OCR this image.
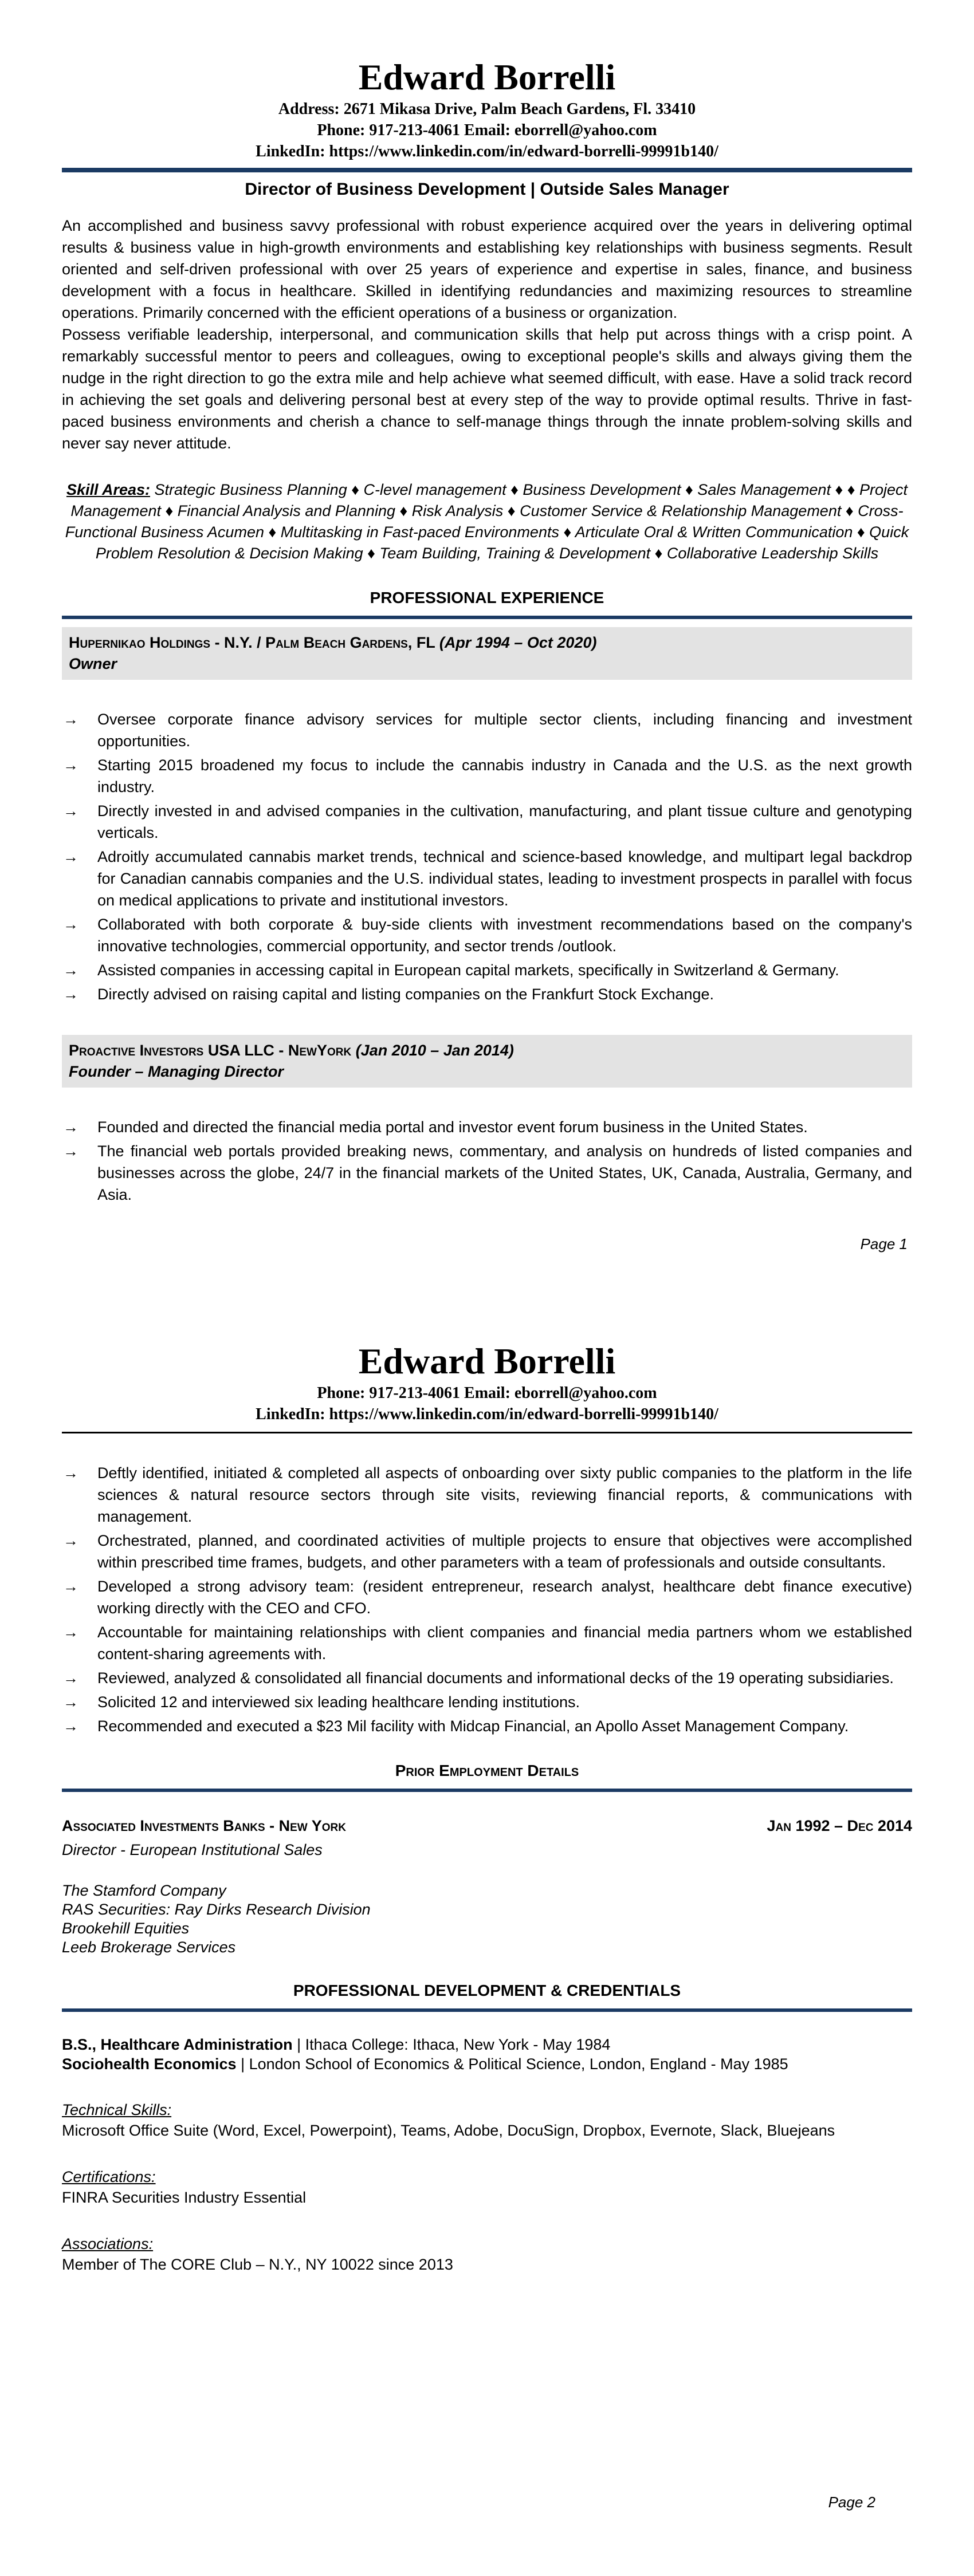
Edward Borrelli
Address: 2671 Mikasa Drive, Palm Beach Gardens, Fl. 33410
Phone: 917-213-4061 Email: eborrell@yahoo.com
LinkedIn: https://www.linkedin.com/in/edward-borrelli-99991b140/
Director of Business Development | Outside Sales Manager

An accomplished and business savvy professional with robust experience acquired over the years in delivering optimal results & business value in high-growth environments and establishing key relationships with business segments. Result oriented and self-driven professional with over 25 years of experience and expertise in sales, finance, and business development with a focus in healthcare. Skilled in identifying redundancies and maximizing resources to streamline operations. Primarily concerned with the efficient operations of a business or organization.

Possess verifiable leadership, interpersonal, and communication skills that help put across things with a crisp point. A remarkably successful mentor to peers and colleagues, owing to exceptional people's skills and always giving them the nudge in the right direction to go the extra mile and help achieve what seemed difficult, with ease. Have a solid track record in achieving the set goals and delivering personal best at every step of the way to provide optimal results. Thrive in fast-paced business environments and cherish a chance to self-manage things through the innate problem-solving skills and never say never attitude.

Skill Areas: Strategic Business Planning ♦ C-level management ♦ Business Development ♦ Sales Management ♦ ♦ Project Management ♦ Financial Analysis and Planning ♦ Risk Analysis ♦ Customer Service & Relationship Management ♦ Cross-Functional Business Acumen ♦ Multitasking in Fast-paced Environments ♦ Articulate Oral & Written Communication ♦ Quick Problem Resolution & Decision Making ♦ Team Building, Training & Development ♦ Collaborative Leadership Skills
PROFESSIONAL EXPERIENCE
Hupernikao Holdings - N.Y. / Palm Beach Gardens, FL (Apr 1994 – Oct 2020)
Owner
→ Oversee corporate finance advisory services for multiple sector clients, including financing and investment opportunities.
→ Starting 2015 broadened my focus to include the cannabis industry in Canada and the U.S. as the next growth industry.
→ Directly invested in and advised companies in the cultivation, manufacturing, and plant tissue culture and genotyping verticals.
→ Adroitly accumulated cannabis market trends, technical and science-based knowledge, and multipart legal backdrop for Canadian cannabis companies and the U.S. individual states, leading to investment prospects in parallel with focus on medical applications to private and institutional investors.
→ Collaborated with both corporate & buy-side clients with investment recommendations based on the company's innovative technologies, commercial opportunity, and sector trends /outlook.
→ Assisted companies in accessing capital in European capital markets, specifically in Switzerland & Germany.
→ Directly advised on raising capital and listing companies on the Frankfurt Stock Exchange.
Proactive Investors USA LLC - NewYork (Jan 2010 – Jan 2014)
Founder – Managing Director
→ Founded and directed the financial media portal and investor event forum business in the United States.
→ The financial web portals provided breaking news, commentary, and analysis on hundreds of listed companies and businesses across the globe, 24/7 in the financial markets of the United States, UK, Canada, Australia, Germany, and Asia.
Page 1
Edward Borrelli
Phone: 917-213-4061 Email: eborrell@yahoo.com
LinkedIn: https://www.linkedin.com/in/edward-borrelli-99991b140/
→ Deftly identified, initiated & completed all aspects of onboarding over sixty public companies to the platform in the life sciences & natural resource sectors through site visits, reviewing financial reports, & communications with management.
→ Orchestrated, planned, and coordinated activities of multiple projects to ensure that objectives were accomplished within prescribed time frames, budgets, and other parameters with a team of professionals and outside consultants.
→ Developed a strong advisory team: (resident entrepreneur, research analyst, healthcare debt finance executive) working directly with the CEO and CFO.
→ Accountable for maintaining relationships with client companies and financial media partners whom we established content-sharing agreements with.
→ Reviewed, analyzed & consolidated all financial documents and informational decks of the 19 operating subsidiaries.
→ Solicited 12 and interviewed six leading healthcare lending institutions.
→ Recommended and executed a $23 Mil facility with Midcap Financial, an Apollo Asset Management Company.
Prior Employment Details
Associated Investments Banks - New York	Jan 1992 – Dec 2014
Director - European Institutional Sales
The Stamford Company
RAS Securities: Ray Dirks Research Division
Brookehill Equities
Leeb Brokerage Services
PROFESSIONAL DEVELOPMENT & CREDENTIALS
B.S., Healthcare Administration | Ithaca College: Ithaca, New York - May 1984
Sociohealth Economics | London School of Economics & Political Science, London, England - May 1985
Technical Skills:
Microsoft Office Suite (Word, Excel, Powerpoint), Teams, Adobe, DocuSign, Dropbox, Evernote, Slack, Bluejeans
Certifications:
FINRA Securities Industry Essential
Associations:
Member of The CORE Club – N.Y., NY 10022 since 2013
Page 2
